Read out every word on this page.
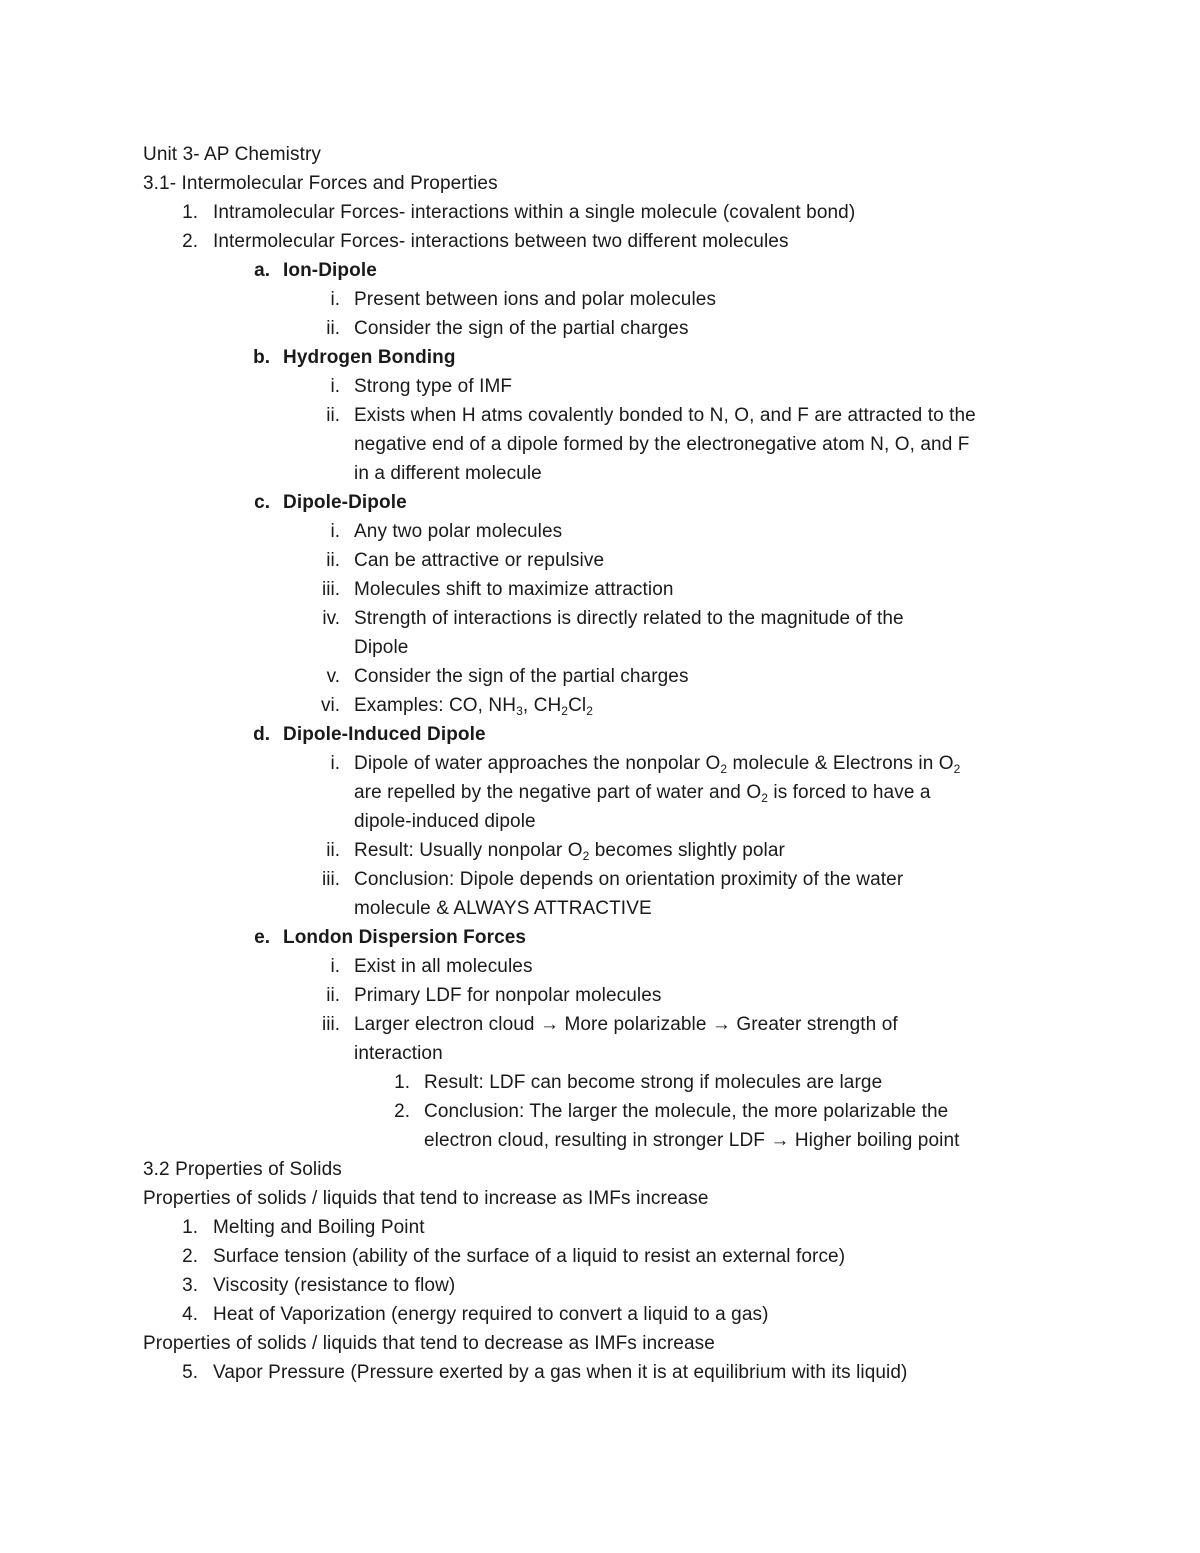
Unit 3- AP Chemistry
3.1- Intermolecular Forces and Properties
1. Intramolecular Forces- interactions within a single molecule (covalent bond)
2. Intermolecular Forces- interactions between two different molecules
a. Ion-Dipole
i. Present between ions and polar molecules
ii. Consider the sign of the partial charges
b. Hydrogen Bonding
i. Strong type of IMF
ii. Exists when H atms covalently bonded to N, O, and F are attracted to the
negative end of a dipole formed by the electronegative atom N, O, and F
in a different molecule
c. Dipole-Dipole
i. Any two polar molecules
ii. Can be attractive or repulsive
iii. Molecules shift to maximize attraction
iv. Strength of interactions is directly related to the magnitude of the
Dipole
v. Consider the sign of the partial charges
vi. Examples: CO, $NH_3$, $CH_2Cl_2$
d. Dipole-Induced Dipole
i. Dipole of water approaches the nonpolar $O_2$ molecule & Electrons in $O_2$
are repelled by the negative part of water and $O_2$ is forced to have a
dipole-induced dipole
ii. Result: Usually nonpolar $O_2$ becomes slightly polar
iii. Conclusion: Dipole depends on orientation proximity of the water
molecule & ALWAYS ATTRACTIVE
e. London Dispersion Forces
i. Exist in all molecules
ii. Primary LDF for nonpolar molecules
iii. Larger electron cloud → More polarizable → Greater strength of
interaction
1. Result: LDF can become strong if molecules are large
2. Conclusion: The larger the molecule, the more polarizable the
electron cloud, resulting in stronger LDF → Higher boiling point
3.2 Properties of Solids
Properties of solids / liquids that tend to increase as IMFs increase
1. Melting and Boiling Point
2. Surface tension (ability of the surface of a liquid to resist an external force)
3. Viscosity (resistance to flow)
4. Heat of Vaporization (energy required to convert a liquid to a gas)
Properties of solids / liquids that tend to decrease as IMFs increase
5. Vapor Pressure (Pressure exerted by a gas when it is at equilibrium with its liquid)
